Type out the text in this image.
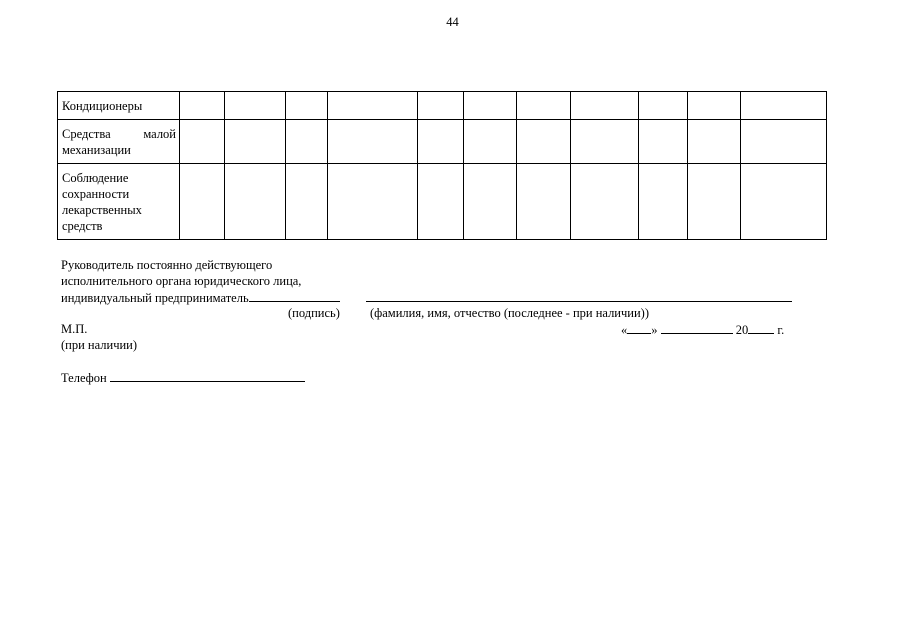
44
Кондиционеры											

Средства малой
механизации											

Соблюдение
сохранности
лекарственных
средств											

Руководитель постоянно действующего
исполнительного органа юридического лица,
индивидуальный предприниматель
(подпись) (фамилия, имя, отчество (последнее - при наличии))
М.П.	« »	20 г.
(при наличии)
Телефон
